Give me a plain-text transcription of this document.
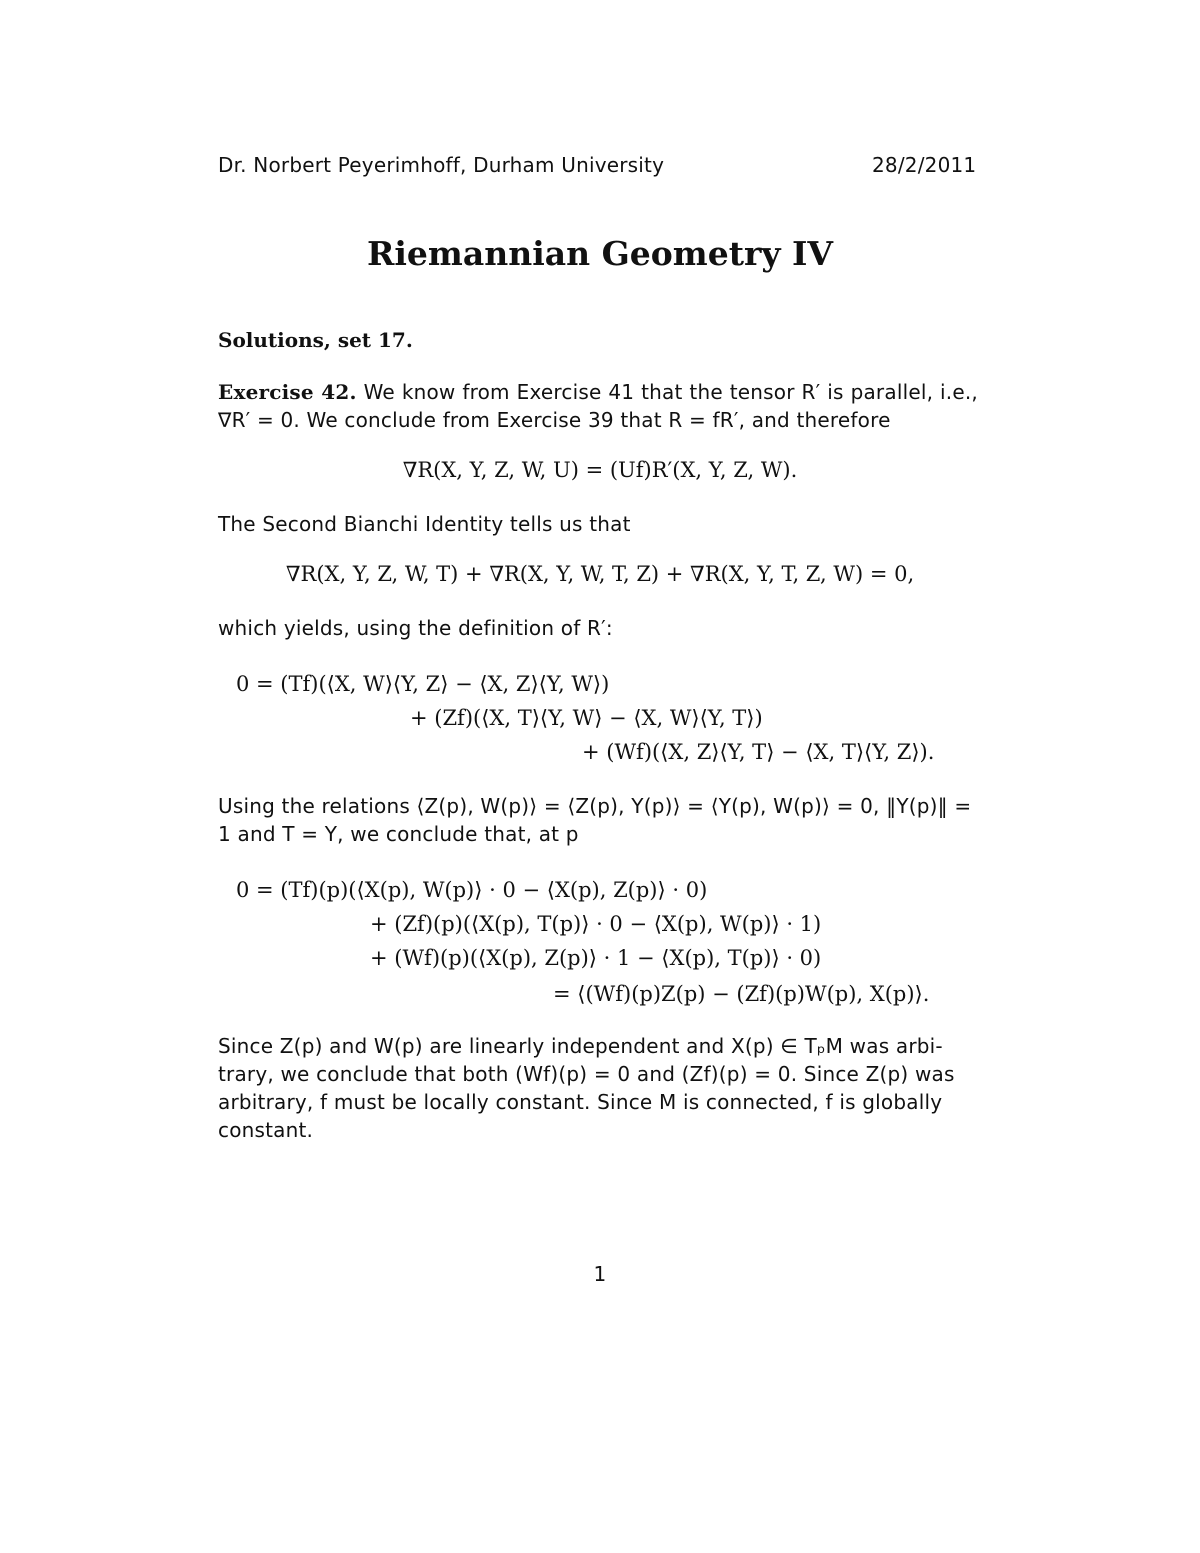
Dr. Norbert Peyerimhoff, Durham University	28/2/2011
Riemannian Geometry IV
Solutions, set 17.
Exercise 42. We know from Exercise 41 that the tensor R′ is parallel, i.e.,
∇R′ = 0. We conclude from Exercise 39 that R = fR′, and therefore
∇R(X, Y, Z, W, U) = (Uf)R′(X, Y, Z, W).
The Second Bianchi Identity tells us that
∇R(X, Y, Z, W, T) + ∇R(X, Y, W, T, Z) + ∇R(X, Y, T, Z, W) = 0,
which yields, using the definition of R′:
0 = (Tf)(⟨X, W⟩⟨Y, Z⟩ − ⟨X, Z⟩⟨Y, W⟩)
+ (Zf)(⟨X, T⟩⟨Y, W⟩ − ⟨X, W⟩⟨Y, T⟩)
+ (Wf)(⟨X, Z⟩⟨Y, T⟩ − ⟨X, T⟩⟨Y, Z⟩).
Using the relations ⟨Z(p), W(p)⟩ = ⟨Z(p), Y(p)⟩ = ⟨Y(p), W(p)⟩ = 0, ‖Y(p)‖ =
1 and T = Y, we conclude that, at p
0 = (Tf)(p)(⟨X(p), W(p)⟩ · 0 − ⟨X(p), Z(p)⟩ · 0)
+ (Zf)(p)(⟨X(p), T(p)⟩ · 0 − ⟨X(p), W(p)⟩ · 1)
+ (Wf)(p)(⟨X(p), Z(p)⟩ · 1 − ⟨X(p), T(p)⟩ · 0)
= ⟨(Wf)(p)Z(p) − (Zf)(p)W(p), X(p)⟩.
Since Z(p) and W(p) are linearly independent and X(p) ∈ TₚM was arbi-
trary, we conclude that both (Wf)(p) = 0 and (Zf)(p) = 0. Since Z(p) was
arbitrary, f must be locally constant. Since M is connected, f is globally
constant.
1
